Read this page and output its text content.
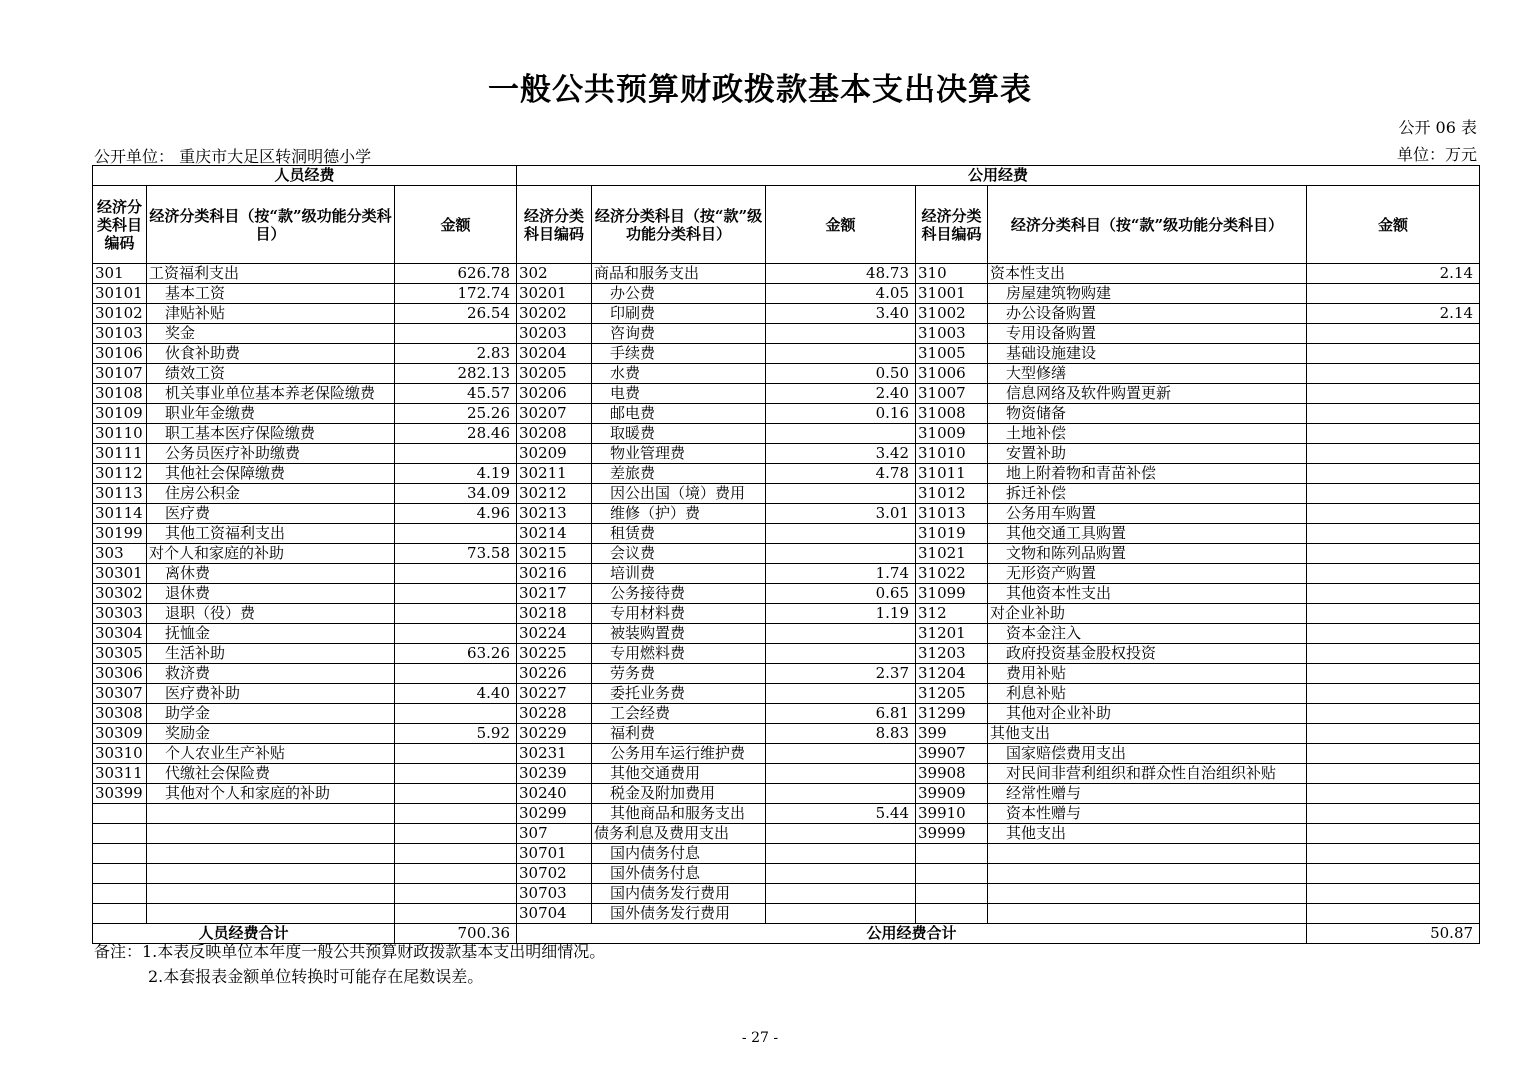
一般公共预算财政拨款基本支出决算表
公开 06 表
公开单位： 重庆市大足区转洞明德小学	单位：万元
人员经费			公用经费					
经济分类科目编码	经济分类科目（按“款”级功能分类科目）	金额	经济分类科目编码	经济分类科目（按“款”级功能分类科目）	金额	经济分类科目编码	经济分类科目（按“款”级功能分类科目）	金额
301	工资福利支出	626.78	302	商品和服务支出	48.73	310	资本性支出	2.14
30101	基本工资	172.74	30201	办公费	4.05	31001	房屋建筑物购建	
30102	津贴补贴	26.54	30202	印刷费	3.40	31002	办公设备购置	2.14
30103	奖金		30203	咨询费		31003	专用设备购置	
30106	伙食补助费	2.83	30204	手续费		31005	基础设施建设	
30107	绩效工资	282.13	30205	水费	0.50	31006	大型修缮	
30108	机关事业单位基本养老保险缴费	45.57	30206	电费	2.40	31007	信息网络及软件购置更新	
30109	职业年金缴费	25.26	30207	邮电费	0.16	31008	物资储备	
30110	职工基本医疗保险缴费	28.46	30208	取暖费		31009	土地补偿	
30111	公务员医疗补助缴费		30209	物业管理费	3.42	31010	安置补助	
30112	其他社会保障缴费	4.19	30211	差旅费	4.78	31011	地上附着物和青苗补偿	
30113	住房公积金	34.09	30212	因公出国（境）费用		31012	拆迁补偿	
30114	医疗费	4.96	30213	维修（护）费	3.01	31013	公务用车购置	
30199	其他工资福利支出		30214	租赁费		31019	其他交通工具购置	
303	对个人和家庭的补助	73.58	30215	会议费		31021	文物和陈列品购置	
30301	离休费		30216	培训费	1.74	31022	无形资产购置	
30302	退休费		30217	公务接待费	0.65	31099	其他资本性支出	
30303	退职（役）费		30218	专用材料费	1.19	312	对企业补助	
30304	抚恤金		30224	被装购置费		31201	资本金注入	
30305	生活补助	63.26	30225	专用燃料费		31203	政府投资基金股权投资	
30306	救济费		30226	劳务费	2.37	31204	费用补贴	
30307	医疗费补助	4.40	30227	委托业务费		31205	利息补贴	
30308	助学金		30228	工会经费	6.81	31299	其他对企业补助	
30309	奖励金	5.92	30229	福利费	8.83	399	其他支出	
30310	个人农业生产补贴		30231	公务用车运行维护费		39907	国家赔偿费用支出	
30311	代缴社会保险费		30239	其他交通费用		39908	对民间非营利组织和群众性自治组织补贴	
30399	其他对个人和家庭的补助		30240	税金及附加费用		39909	经常性赠与	
			30299	其他商品和服务支出	5.44	39910	资本性赠与	
			307	债务利息及费用支出		39999	其他支出	
			30701	国内债务付息				
			30702	国外债务付息				
			30703	国内债务发行费用				
			30704	国外债务发行费用				
人员经费合计		700.36	公用经费合计					50.87
备注：1.本表反映单位本年度一般公共预算财政拨款基本支出明细情况。
2.本套报表金额单位转换时可能存在尾数误差。
- 27 -
